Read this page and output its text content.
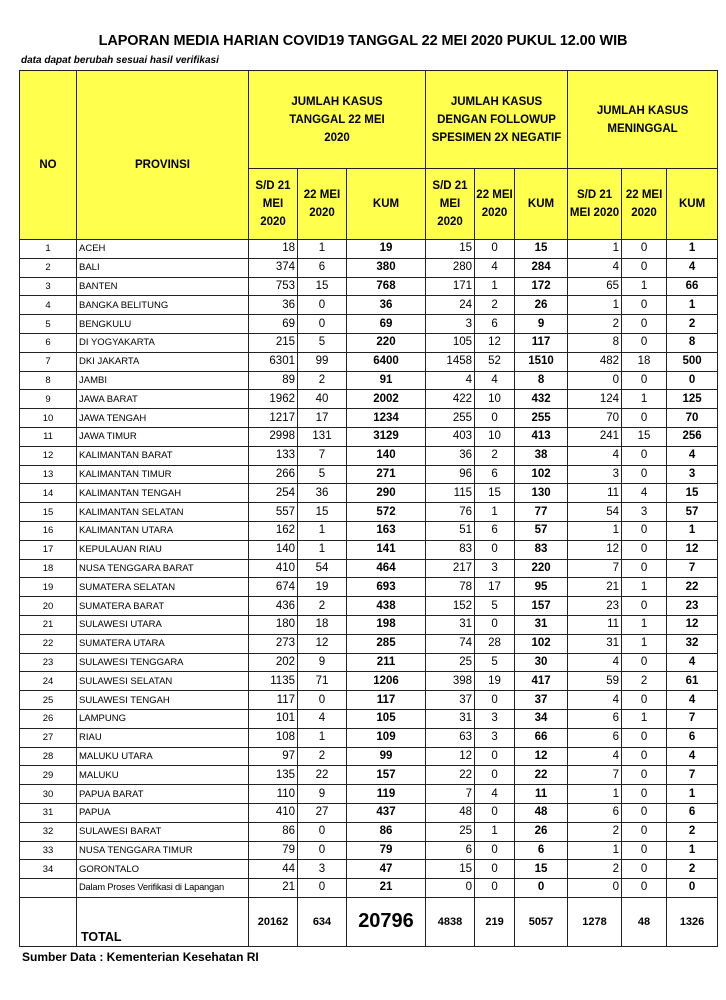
LAPORAN MEDIA HARIAN COVID19 TANGGAL 22 MEI 2020 PUKUL 12.00 WIB
data dapat berubah sesuai hasil verifikasi
NO	PROVINSI	JUMLAH KASUS TANGGAL 22 MEI 2020			JUMLAH KASUS DENGAN FOLLOWUP SPESIMEN 2X NEGATIF			JUMLAH KASUS MENINGGAL		

		S/D 21 MEI 2020	22 MEI 2020	KUM	S/D 21 MEI 2020	22 MEI 2020	KUM	S/D 21 MEI 2020	22 MEI 2020	KUM
1	ACEH	18	1	19	15	0	15	1	0	1
2	BALI	374	6	380	280	4	284	4	0	4
3	BANTEN	753	15	768	171	1	172	65	1	66
4	BANGKA BELITUNG	36	0	36	24	2	26	1	0	1
5	BENGKULU	69	0	69	3	6	9	2	0	2
6	DI YOGYAKARTA	215	5	220	105	12	117	8	0	8
7	DKI JAKARTA	6301	99	6400	1458	52	1510	482	18	500
8	JAMBI	89	2	91	4	4	8	0	0	0
9	JAWA BARAT	1962	40	2002	422	10	432	124	1	125
10	JAWA TENGAH	1217	17	1234	255	0	255	70	0	70
11	JAWA TIMUR	2998	131	3129	403	10	413	241	15	256
12	KALIMANTAN BARAT	133	7	140	36	2	38	4	0	4
13	KALIMANTAN TIMUR	266	5	271	96	6	102	3	0	3
14	KALIMANTAN TENGAH	254	36	290	115	15	130	11	4	15
15	KALIMANTAN SELATAN	557	15	572	76	1	77	54	3	57
16	KALIMANTAN UTARA	162	1	163	51	6	57	1	0	1
17	KEPULAUAN RIAU	140	1	141	83	0	83	12	0	12
18	NUSA TENGGARA BARAT	410	54	464	217	3	220	7	0	7
19	SUMATERA SELATAN	674	19	693	78	17	95	21	1	22
20	SUMATERA BARAT	436	2	438	152	5	157	23	0	23
21	SULAWESI UTARA	180	18	198	31	0	31	11	1	12
22	SUMATERA UTARA	273	12	285	74	28	102	31	1	32
23	SULAWESI TENGGARA	202	9	211	25	5	30	4	0	4
24	SULAWESI SELATAN	1135	71	1206	398	19	417	59	2	61
25	SULAWESI TENGAH	117	0	117	37	0	37	4	0	4
26	LAMPUNG	101	4	105	31	3	34	6	1	7
27	RIAU	108	1	109	63	3	66	6	0	6
28	MALUKU UTARA	97	2	99	12	0	12	4	0	4
29	MALUKU	135	22	157	22	0	22	7	0	7
30	PAPUA BARAT	110	9	119	7	4	11	1	0	1
31	PAPUA	410	27	437	48	0	48	6	0	6
32	SULAWESI BARAT	86	0	86	25	1	26	2	0	2
33	NUSA TENGGARA TIMUR	79	0	79	6	0	6	1	0	1
34	GORONTALO	44	3	47	15	0	15	2	0	2
	Dalam Proses Verifikasi di Lapangan	21	0	21	0	0	0	0	0	0
	TOTAL	20162	634	20796	4838	219	5057	1278	48	1326
Sumber Data : Kementerian Kesehatan RI
